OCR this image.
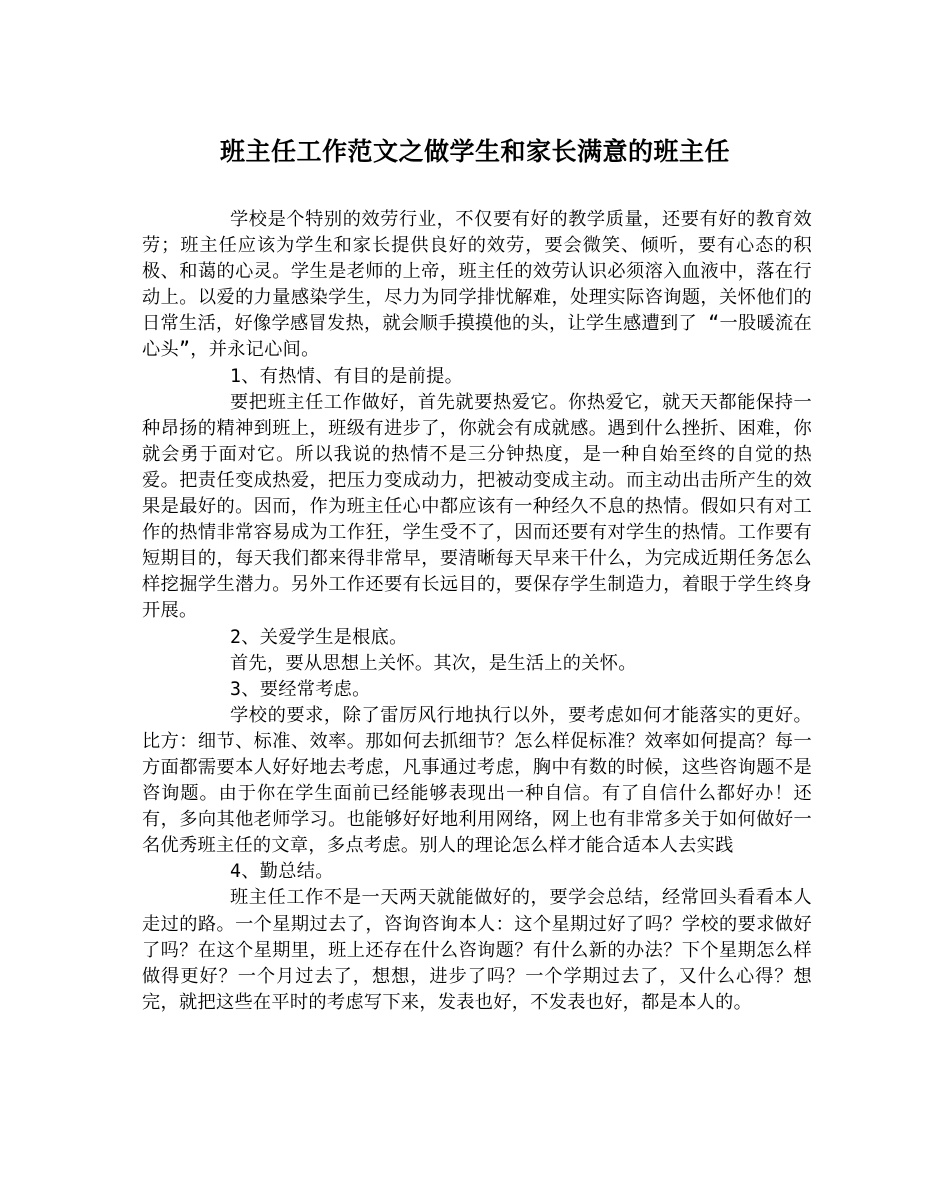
班主任工作范文之做学生和家长满意的班主任

学校是个特别的效劳行业，不仅要有好的教学质量，还要有好的教育效劳；班主任应该为学生和家长提供良好的效劳，要会微笑、倾听，要有心态的积极、和蔼的心灵。学生是老师的上帝，班主任的效劳认识必须溶入血液中，落在行动上。以爱的力量感染学生，尽力为同学排忧解难，处理实际咨询题，关怀他们的日常生活，好像学感冒发热，就会顺手摸摸他的头，让学生感遭到了 “一股暖流在心头”，并永记心间。

1、有热情、有目的是前提。

要把班主任工作做好，首先就要热爱它。你热爱它，就天天都能保持一种昂扬的精神到班上，班级有进步了，你就会有成就感。遇到什么挫折、困难，你就会勇于面对它。所以我说的热情不是三分钟热度，是一种自始至终的自觉的热爱。把责任变成热爱，把压力变成动力，把被动变成主动。而主动出击所产生的效果是最好的。因而，作为班主任心中都应该有一种经久不息的热情。假如只有对工作的热情非常容易成为工作狂，学生受不了，因而还要有对学生的热情。工作要有短期目的，每天我们都来得非常早，要清晰每天早来干什么，为完成近期任务怎么样挖掘学生潜力。另外工作还要有长远目的，要保存学生制造力，着眼于学生终身开展。

2、关爱学生是根底。

首先，要从思想上关怀。其次，是生活上的关怀。

3、要经常考虑。

学校的要求，除了雷厉风行地执行以外，要考虑如何才能落实的更好。比方：细节、标准、效率。那如何去抓细节？怎么样促标准？效率如何提高？每一方面都需要本人好好地去考虑，凡事通过考虑，胸中有数的时候，这些咨询题不是咨询题。由于你在学生面前已经能够表现出一种自信。有了自信什么都好办！还有，多向其他老师学习。也能够好好地利用网络，网上也有非常多关于如何做好一名优秀班主任的文章，多点考虑。别人的理论怎么样才能合适本人去实践

4、勤总结。

班主任工作不是一天两天就能做好的，要学会总结，经常回头看看本人走过的路。一个星期过去了，咨询咨询本人：这个星期过好了吗？学校的要求做好了吗？在这个星期里，班上还存在什么咨询题？有什么新的办法？下个星期怎么样做得更好？一个月过去了，想想，进步了吗？一个学期过去了，又什么心得？想完，就把这些在平时的考虑写下来，发表也好，不发表也好，都是本人的。
